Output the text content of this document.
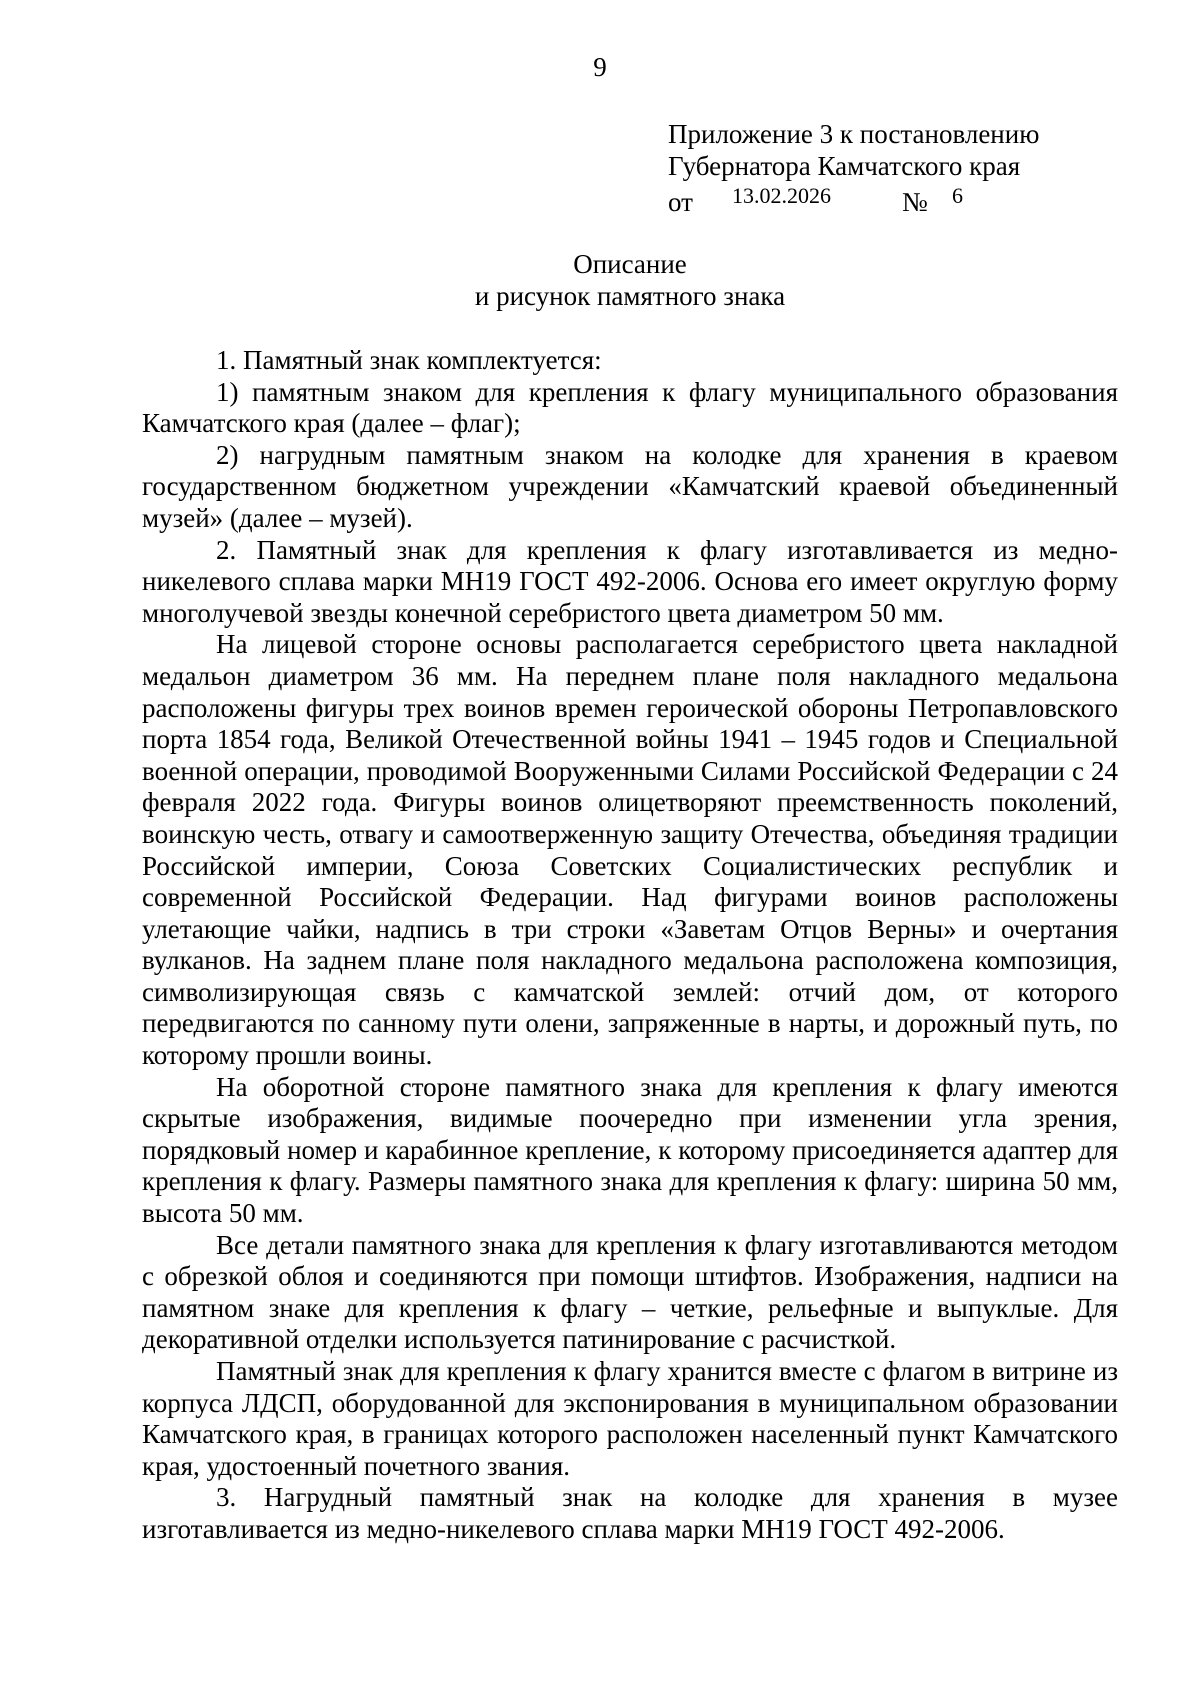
9
Приложение 3 к постановлению
Губернатора Камчатского края
от 13.02.2026	№ 6
Описание
и рисунок памятного знака

1. Памятный знак комплектуется:

1) памятным знаком для крепления к флагу муниципального образования Камчатского края (далее – флаг);

2) нагрудным памятным знаком на колодке для хранения в краевом государственном бюджетном учреждении «Камчатский краевой объединенный музей» (далее – музей).

2. Памятный знак для крепления к флагу изготавливается из медно-никелевого сплава марки МН19 ГОСТ 492-2006. Основа его имеет округлую форму многолучевой звезды конечной серебристого цвета диаметром 50 мм.

На лицевой стороне основы располагается серебристого цвета накладной медальон диаметром 36 мм. На переднем плане поля накладного медальона расположены фигуры трех воинов времен героической обороны Петропавловского порта 1854 года, Великой Отечественной войны 1941 – 1945 годов и Специальной военной операции, проводимой Вооруженными Силами Российской Федерации с 24 февраля 2022 года. Фигуры воинов олицетворяют преемственность поколений, воинскую честь, отвагу и самоотверженную защиту Отечества, объединяя традиции Российской империи, Союза Советских Социалистических республик и современной Российской Федерации. Над фигурами воинов расположены улетающие чайки, надпись в три строки «Заветам Отцов Верны» и очертания вулканов. На заднем плане поля накладного медальона расположена композиция, символизирующая связь с камчатской землей: отчий дом, от которого передвигаются по санному пути олени, запряженные в нарты, и дорожный путь, по которому прошли воины.

На оборотной стороне памятного знака для крепления к флагу имеются скрытые изображения, видимые поочередно при изменении угла зрения, порядковый номер и карабинное крепление, к которому присоединяется адаптер для крепления к флагу. Размеры памятного знака для крепления к флагу: ширина 50 мм, высота 50 мм.

Все детали памятного знака для крепления к флагу изготавливаются методом с обрезкой облоя и соединяются при помощи штифтов. Изображения, надписи на памятном знаке для крепления к флагу – четкие, рельефные и выпуклые. Для декоративной отделки используется патинирование с расчисткой.

Памятный знак для крепления к флагу хранится вместе с флагом в витрине из корпуса ЛДСП, оборудованной для экспонирования в муниципальном образовании Камчатского края, в границах которого расположен населенный пункт Камчатского края, удостоенный почетного звания.

3. Нагрудный памятный знак на колодке для хранения в музее изготавливается из медно-никелевого сплава марки МН19 ГОСТ 492-2006.
